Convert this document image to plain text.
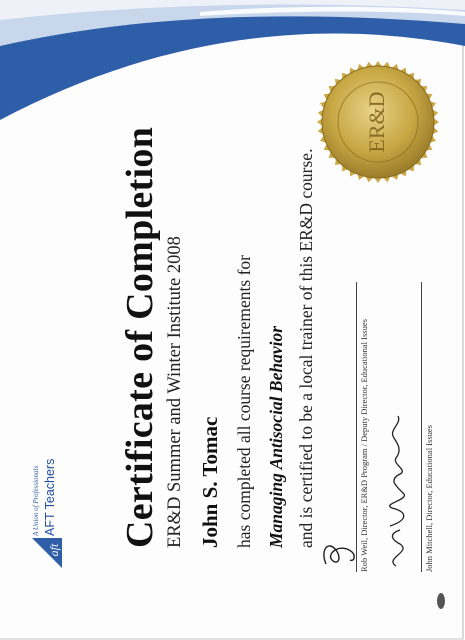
ER&D
Certificate of Completion ER&D Summer and Winter Institute 2008 John S. Tomac has completed all course requirements for Managing Antisocial Behavior and is certified to be a local trainer of this ER&D course.
aft
A Union of Professionals AFT Teachers	Rob Weil, Director, ER&D Program / Deputy Director, Educational Issues	John Mitchell, Director, Educational Issues
